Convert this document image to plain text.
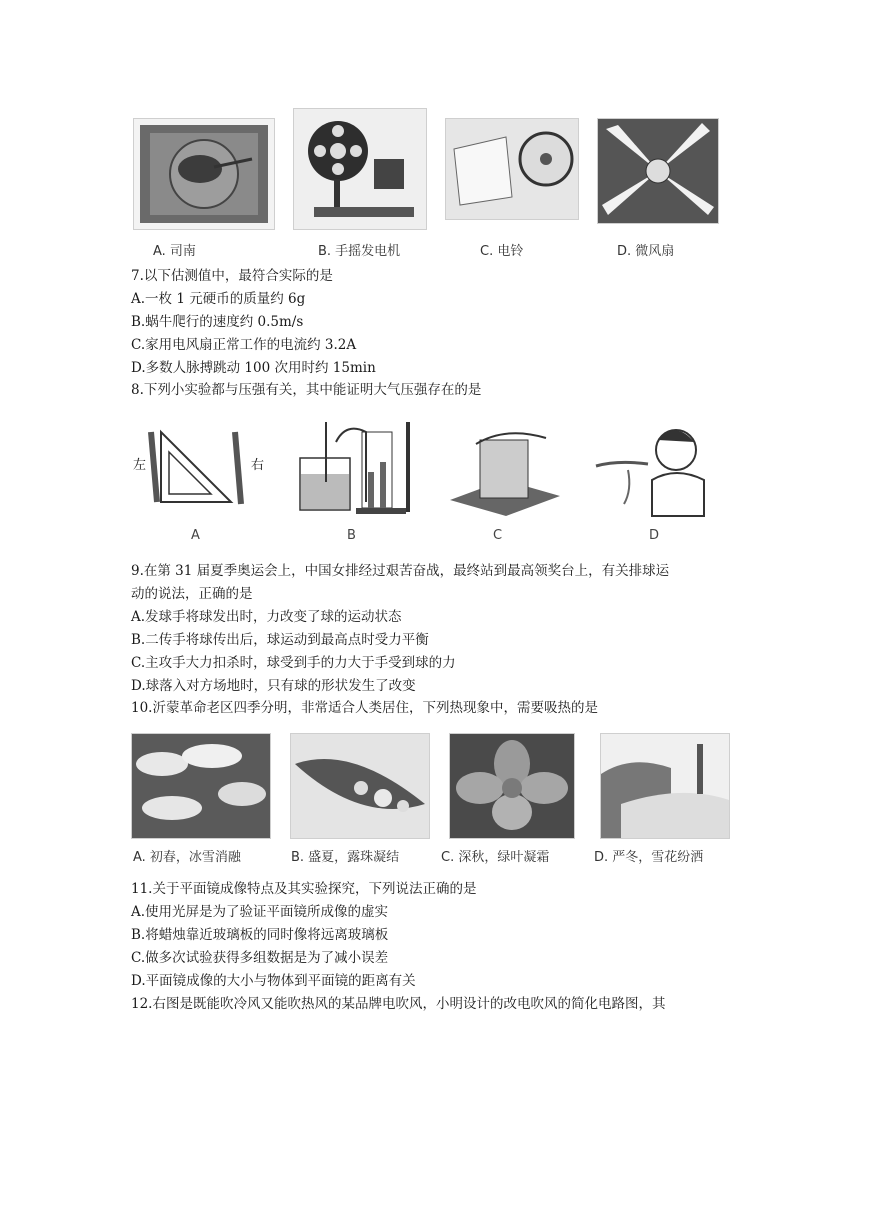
A. 司南	B. 手摇发电机	C. 电铃	D. 微风扇
7.以下估测值中，最符合实际的是
A.一枚 1 元硬币的质量约 6g
B.蜗牛爬行的速度约 0.5m/s
C.家用电风扇正常工作的电流约 3.2A
D.多数人脉搏跳动 100 次用时约 15min
8.下列小实验都与压强有关，其中能证明大气压强存在的是
左	右
A	B	C	D
9.在第 31 届夏季奥运会上，中国女排经过艰苦奋战，最终站到最高领奖台上，有关排球运
动的说法，正确的是
A.发球手将球发出时，力改变了球的运动状态
B.二传手将球传出后，球运动到最高点时受力平衡
C.主攻手大力扣杀时，球受到手的力大于手受到球的力
D.球落入对方场地时，只有球的形状发生了改变
10.沂蒙革命老区四季分明，非常适合人类居住，下列热现象中，需要吸热的是
A. 初春，冰雪消融	B. 盛夏，露珠凝结	C. 深秋，绿叶凝霜	D. 严冬，雪花纷洒
11.关于平面镜成像特点及其实验探究，下列说法正确的是
A.使用光屏是为了验证平面镜所成像的虚实
B.将蜡烛靠近玻璃板的同时像将远离玻璃板
C.做多次试验获得多组数据是为了减小误差
D.平面镜成像的大小与物体到平面镜的距离有关
12.右图是既能吹冷风又能吹热风的某品牌电吹风，小明设计的改电吹风的简化电路图，其
